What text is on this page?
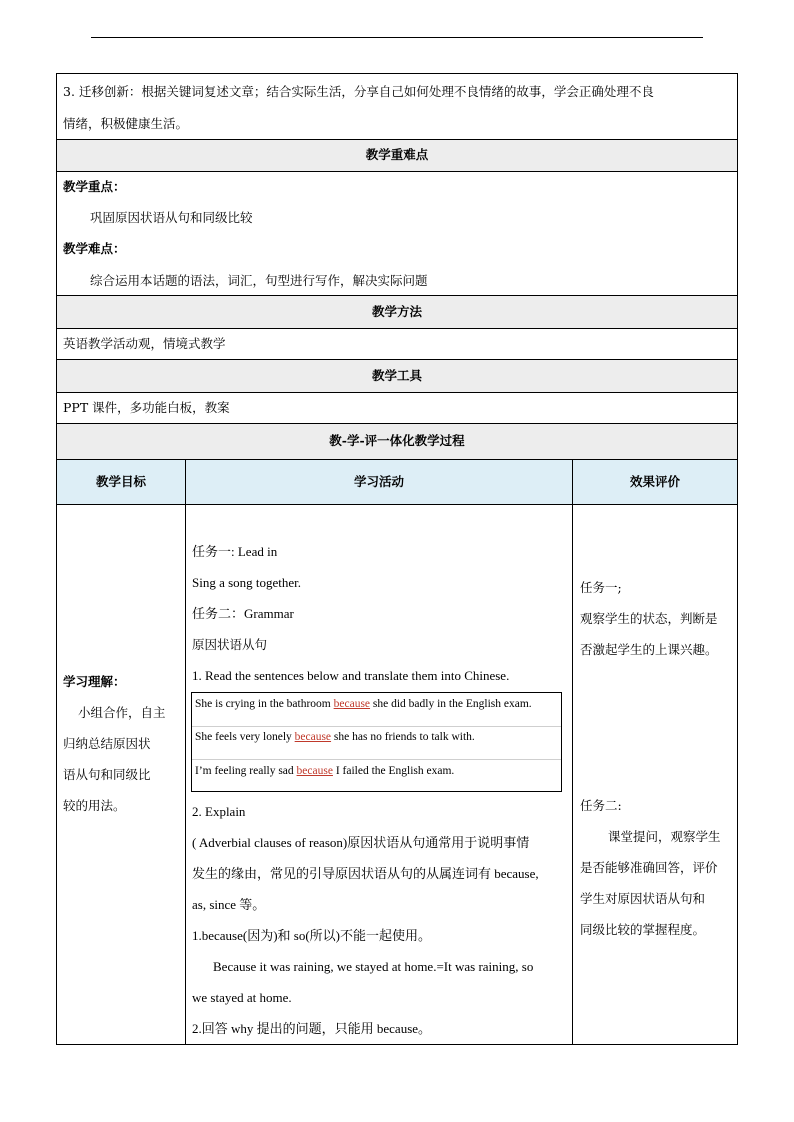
3. 迁移创新：根据关键词复述文章；结合实际生活，分享自己如何处理不良情绪的故事，学会正确处理不良
情绪，积极健康生活。
教学重难点
教学重点：
巩固原因状语从句和同级比较
教学难点：
综合运用本话题的语法，词汇，句型进行写作，解决实际问题
教学方法
英语教学活动观，情境式教学
教学工具
PPT 课件，多功能白板，教案
教-学-评一体化教学过程
教学目标	学习活动	效果评价
学习理解：
小组合作，自主
归纳总结原因状
语从句和同级比
较的用法。
任务一: Lead in
Sing a song together.
任务二：Grammar
原因状语从句
1. Read the sentences below and translate them into Chinese.
She is crying in the bathroom because she did badly in the English exam.
She feels very lonely because she has no friends to talk with.
I’m feeling really sad because I failed the English exam.
2. Explain
( Adverbial clauses of reason)原因状语从句通常用于说明事情
发生的缘由，常见的引导原因状语从句的从属连词有 because,
as, since 等。
1.because(因为)和 so(所以)不能一起使用。
Because it was raining, we stayed at home.=It was raining, so
we stayed at home.
2.回答 why 提出的问题，只能用 because。
任务一;
观察学生的状态，判断是
否激起学生的上课兴趣。
任务二:
课堂提问，观察学生
是否能够准确回答，评价
学生对原因状语从句和
同级比较的掌握程度。
